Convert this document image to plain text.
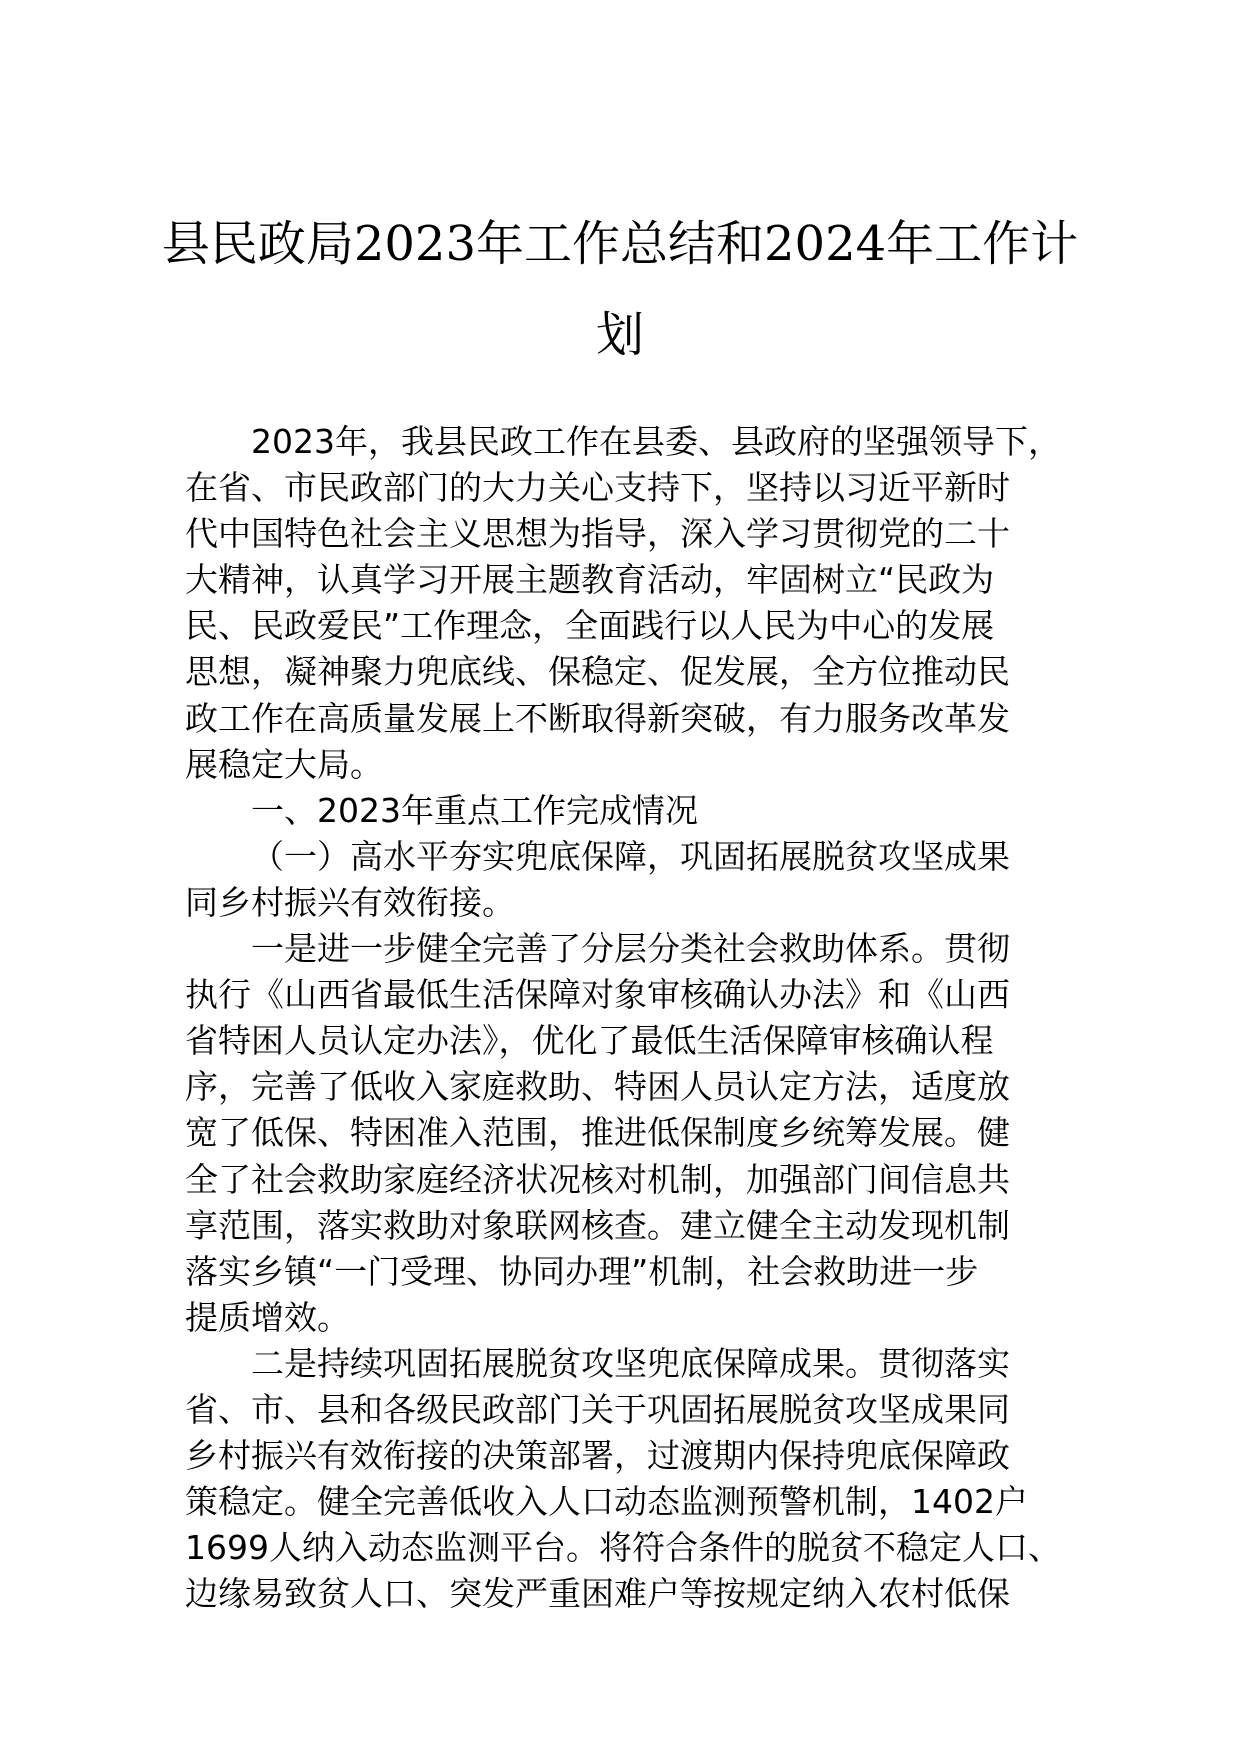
县民政局2023年工作总结和2024年工作计
划
2023年，我县民政工作在县委、县政府的坚强领导下，
在省、市民政部门的大力关心支持下，坚持以习近平新时
代中国特色社会主义思想为指导，深入学习贯彻党的二十
大精神，认真学习开展主题教育活动，牢固树立“民政为
民、民政爱民”工作理念，全面践行以人民为中心的发展
思想，凝神聚力兜底线、保稳定、促发展，全方位推动民
政工作在高质量发展上不断取得新突破，有力服务改革发
展稳定大局。
一、2023年重点工作完成情况
（一）高水平夯实兜底保障，巩固拓展脱贫攻坚成果
同乡村振兴有效衔接。
一是进一步健全完善了分层分类社会救助体系。贯彻
执行《山西省最低生活保障对象审核确认办法》和《山西
省特困人员认定办法》，优化了最低生活保障审核确认程
序，完善了低收入家庭救助、特困人员认定方法，适度放
宽了低保、特困准入范围，推进低保制度乡统筹发展。健
全了社会救助家庭经济状况核对机制，加强部门间信息共
享范围，落实救助对象联网核查。建立健全主动发现机制
落实乡镇“一门受理、协同办理”机制，社会救助进一步
提质增效。
二是持续巩固拓展脱贫攻坚兜底保障成果。贯彻落实
省、市、县和各级民政部门关于巩固拓展脱贫攻坚成果同
乡村振兴有效衔接的决策部署，过渡期内保持兜底保障政
策稳定。健全完善低收入人口动态监测预警机制，1402户
1699人纳入动态监测平台。将符合条件的脱贫不稳定人口、
边缘易致贫人口、突发严重困难户等按规定纳入农村低保
